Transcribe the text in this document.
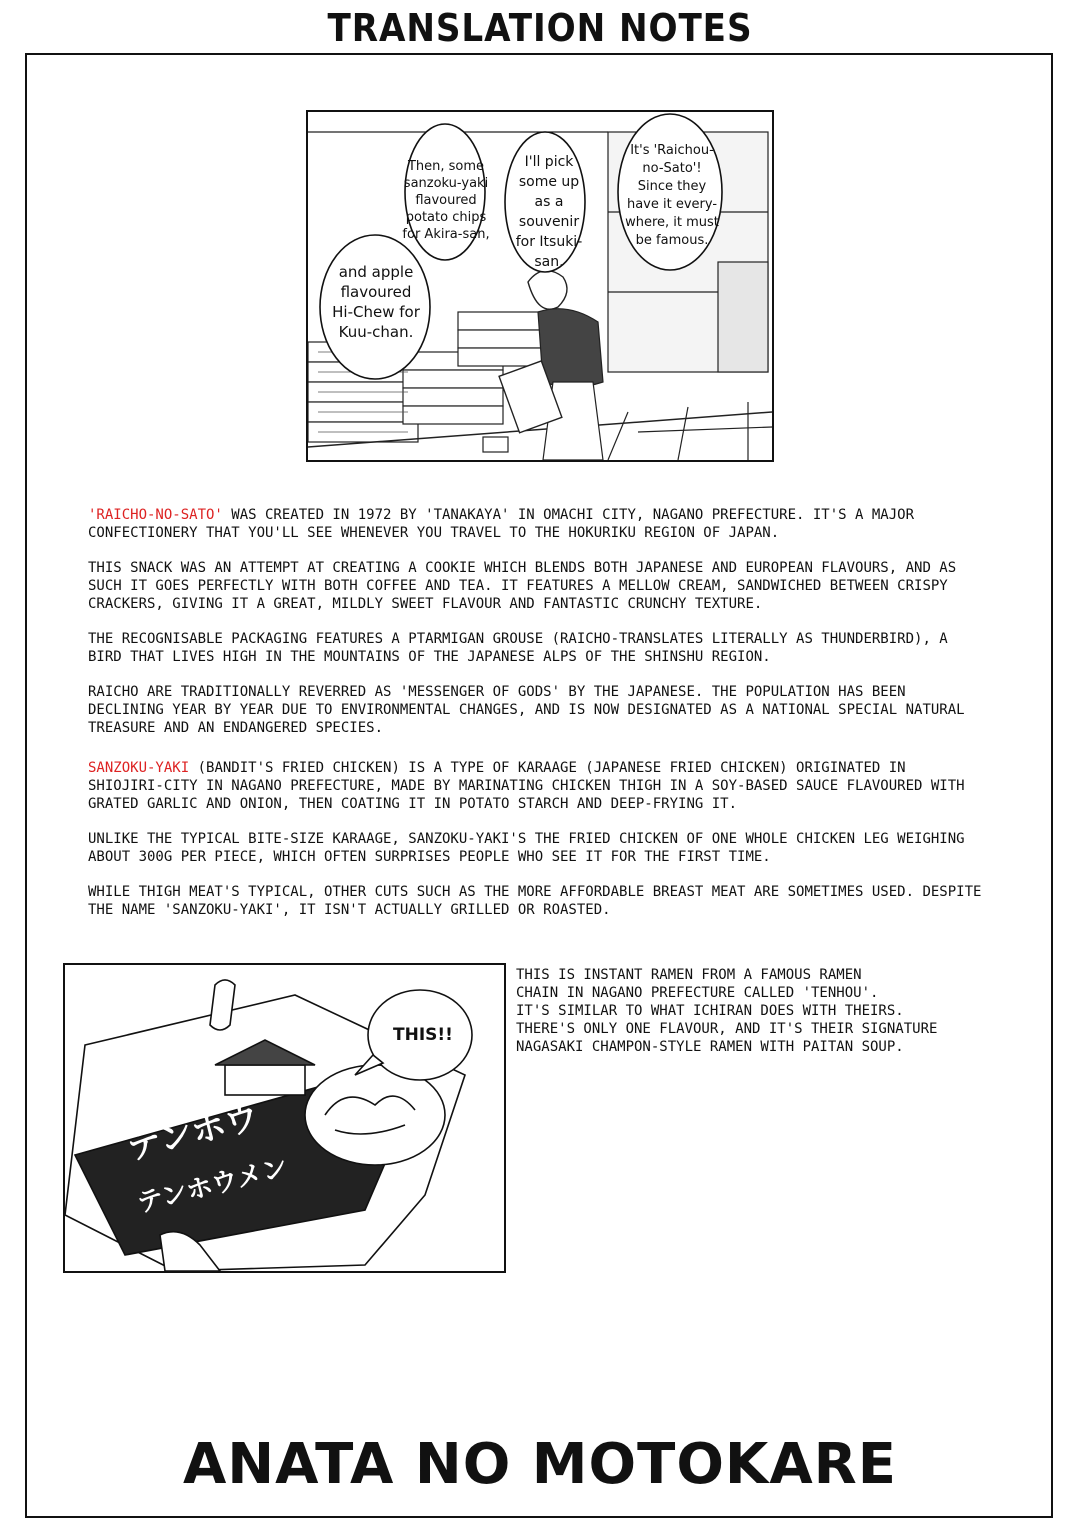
TRANSLATION NOTES
Then, some sanzoku-yaki flavoured potato chips for Akira-san,
I'll pick some up as a souvenir for Itsuki-san.
It's 'Raichou-no-Sato'! Since they have it every-where, it must be famous.
and apple flavoured Hi-Chew for Kuu-chan.

'RAICHO-NO-SATO' WAS CREATED IN 1972 BY 'TANAKAYA' IN OMACHI CITY, NAGANO PREFECTURE. IT'S A MAJOR CONFECTIONERY THAT YOU'LL SEE WHENEVER YOU TRAVEL TO THE HOKURIKU REGION OF JAPAN.

THIS SNACK WAS AN ATTEMPT AT CREATING A COOKIE WHICH BLENDS BOTH JAPANESE AND EUROPEAN FLAVOURS, AND AS SUCH IT GOES PERFECTLY WITH BOTH COFFEE AND TEA. IT FEATURES A MELLOW CREAM, SANDWICHED BETWEEN CRISPY CRACKERS, GIVING IT A GREAT, MILDLY SWEET FLAVOUR AND FANTASTIC CRUNCHY TEXTURE.

THE RECOGNISABLE PACKAGING FEATURES A PTARMIGAN GROUSE (RAICHO-TRANSLATES LITERALLY AS THUNDERBIRD), A BIRD THAT LIVES HIGH IN THE MOUNTAINS OF THE JAPANESE ALPS OF THE SHINSHU REGION.

RAICHO ARE TRADITIONALLY REVERRED AS 'MESSENGER OF GODS' BY THE JAPANESE. THE POPULATION HAS BEEN DECLINING YEAR BY YEAR DUE TO ENVIRONMENTAL CHANGES, AND IS NOW DESIGNATED AS A NATIONAL SPECIAL NATURAL TREASURE AND AN ENDANGERED SPECIES.

SANZOKU-YAKI (BANDIT'S FRIED CHICKEN) IS A TYPE OF KARAAGE (JAPANESE FRIED CHICKEN) ORIGINATED IN SHIOJIRI-CITY IN NAGANO PREFECTURE, MADE BY MARINATING CHICKEN THIGH IN A SOY-BASED SAUCE FLAVOURED WITH GRATED GARLIC AND ONION, THEN COATING IT IN POTATO STARCH AND DEEP-FRYING IT.

UNLIKE THE TYPICAL BITE-SIZE KARAAGE, SANZOKU-YAKI'S THE FRIED CHICKEN OF ONE WHOLE CHICKEN LEG WEIGHING ABOUT 300G PER PIECE, WHICH OFTEN SURPRISES PEOPLE WHO SEE IT FOR THE FIRST TIME.

WHILE THIGH MEAT'S TYPICAL, OTHER CUTS SUCH AS THE MORE AFFORDABLE BREAST MEAT ARE SOMETIMES USED. DESPITE THE NAME 'SANZOKU-YAKI', IT ISN'T ACTUALLY GRILLED OR ROASTED.

THIS!!
テンホウ
テンホウメン
THIS IS INSTANT RAMEN FROM A FAMOUS RAMEN
CHAIN IN NAGANO PREFECTURE CALLED 'TENHOU'.
IT'S SIMILAR TO WHAT ICHIRAN DOES WITH THEIRS.
THERE'S ONLY ONE FLAVOUR, AND IT'S THEIR SIGNATURE
NAGASAKI CHAMPON-STYLE RAMEN WITH PAITAN SOUP.
ANATA NO MOTOKARE
